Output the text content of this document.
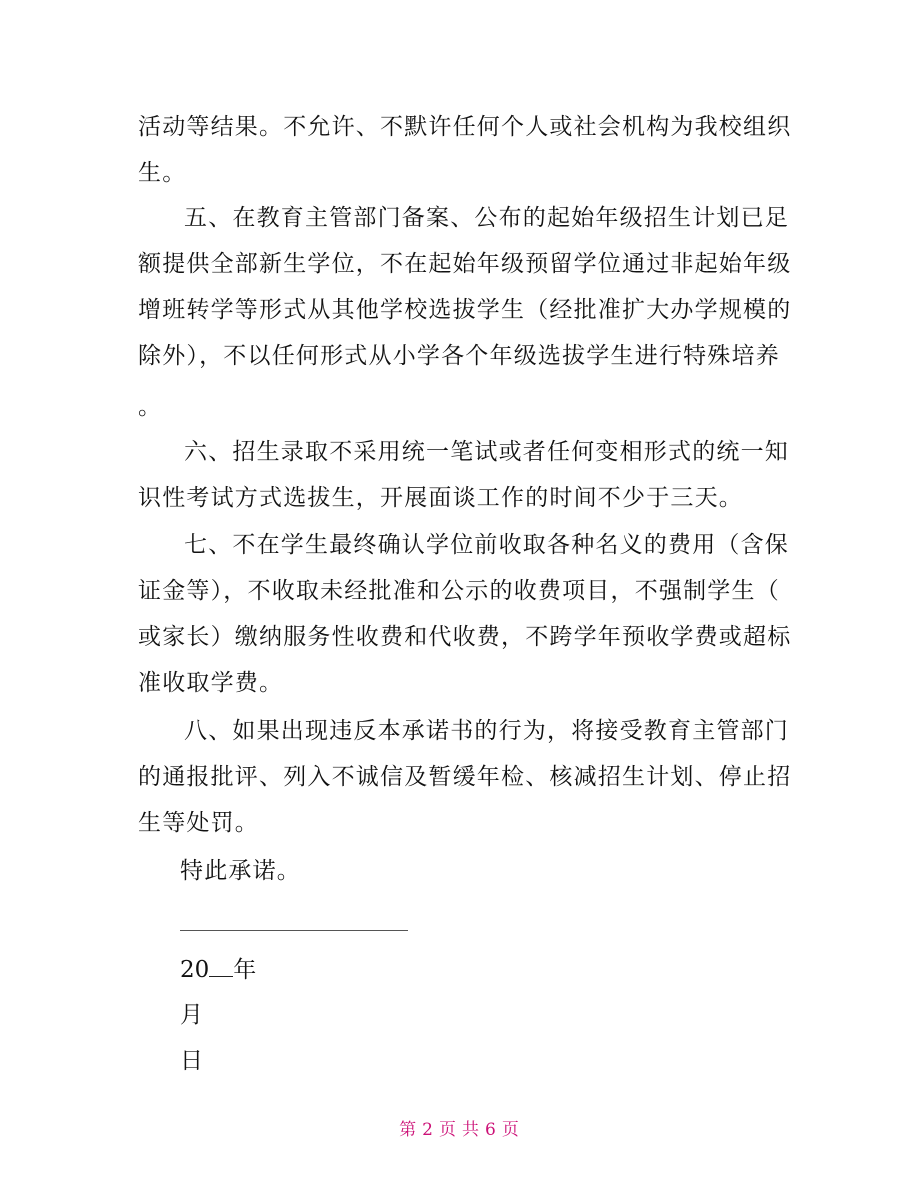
活动等结果。不允许、不默许任何个人或社会机构为我校组织
生。
五、在教育主管部门备案、公布的起始年级招生计划已足
额提供全部新生学位，不在起始年级预留学位通过非起始年级
增班转学等形式从其他学校选拔学生（经批准扩大办学规模的
除外），不以任何形式从小学各个年级选拔学生进行特殊培养
。
六、招生录取不采用统一笔试或者任何变相形式的统一知
识性考试方式选拔生，开展面谈工作的时间不少于三天。
七、不在学生最终确认学位前收取各种名义的费用（含保
证金等），不收取未经批准和公示的收费项目，不强制学生（
或家长）缴纳服务性收费和代收费，不跨学年预收学费或超标
准收取学费。
八、如果出现违反本承诺书的行为，将接受教育主管部门
的通报批评、列入不诚信及暂缓年检、核减招生计划、停止招
生等处罚。
特此承诺。
20 年
月
日
第 2 页 共 6 页
